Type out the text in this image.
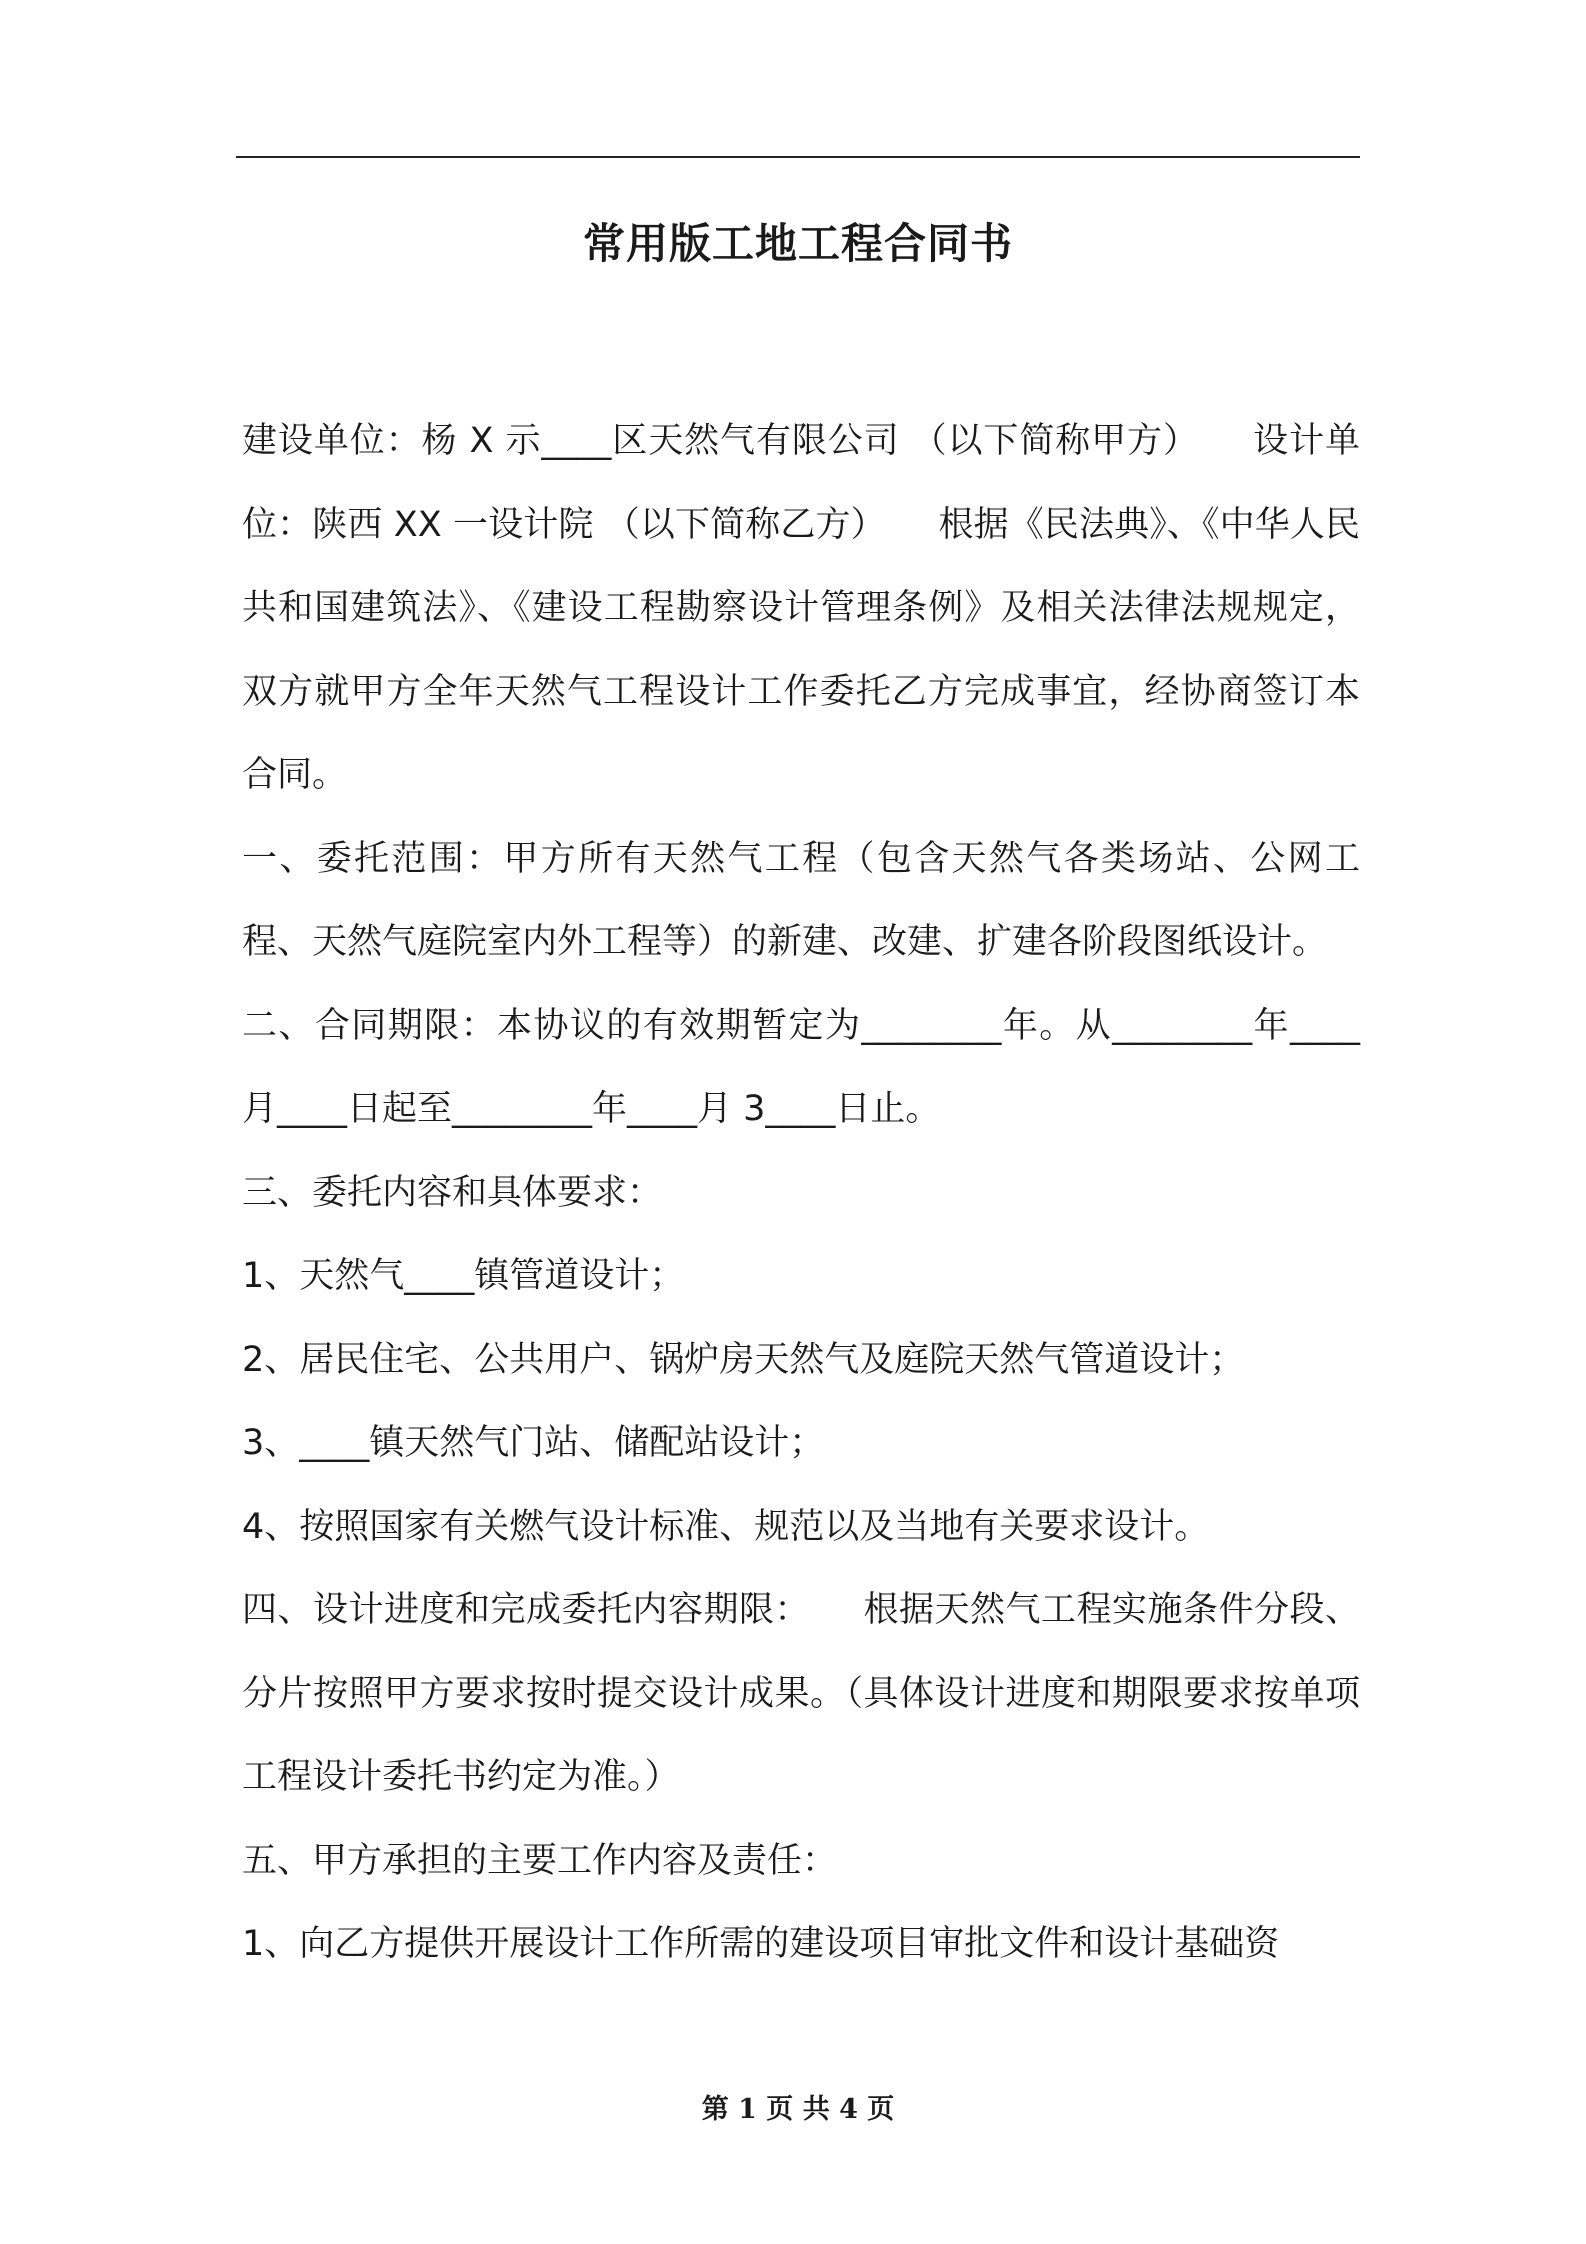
常用版工地工程合同书

建设单位：杨 X 示____区天然气有限公司 （以下简称甲方）　　设计单位：陕西 XX 一设计院 （以下简称乙方）　　根据《民法典》、《中华人民共和国建筑法》、《建设工程勘察设计管理条例》及相关法律法规规定，双方就甲方全年天然气工程设计工作委托乙方完成事宜，经协商签订本合同。

一、委托范围：甲方所有天然气工程（包含天然气各类场站、公网工程、天然气庭院室内外工程等）的新建、改建、扩建各阶段图纸设计。

二、合同期限：本协议的有效期暂定为________年。从________年____月____日起至________年____月 3____日止。

三、委托内容和具体要求：

1、天然气____镇管道设计；

2、居民住宅、公共用户、锅炉房天然气及庭院天然气管道设计；

3、____镇天然气门站、储配站设计；

4、按照国家有关燃气设计标准、规范以及当地有关要求设计。

四、设计进度和完成委托内容期限：　　根据天然气工程实施条件分段、分片按照甲方要求按时提交设计成果。（具体设计进度和期限要求按单项工程设计委托书约定为准。）

五、甲方承担的主要工作内容及责任：

1、向乙方提供开展设计工作所需的建设项目审批文件和设计基础资

第 1 页 共 4 页
